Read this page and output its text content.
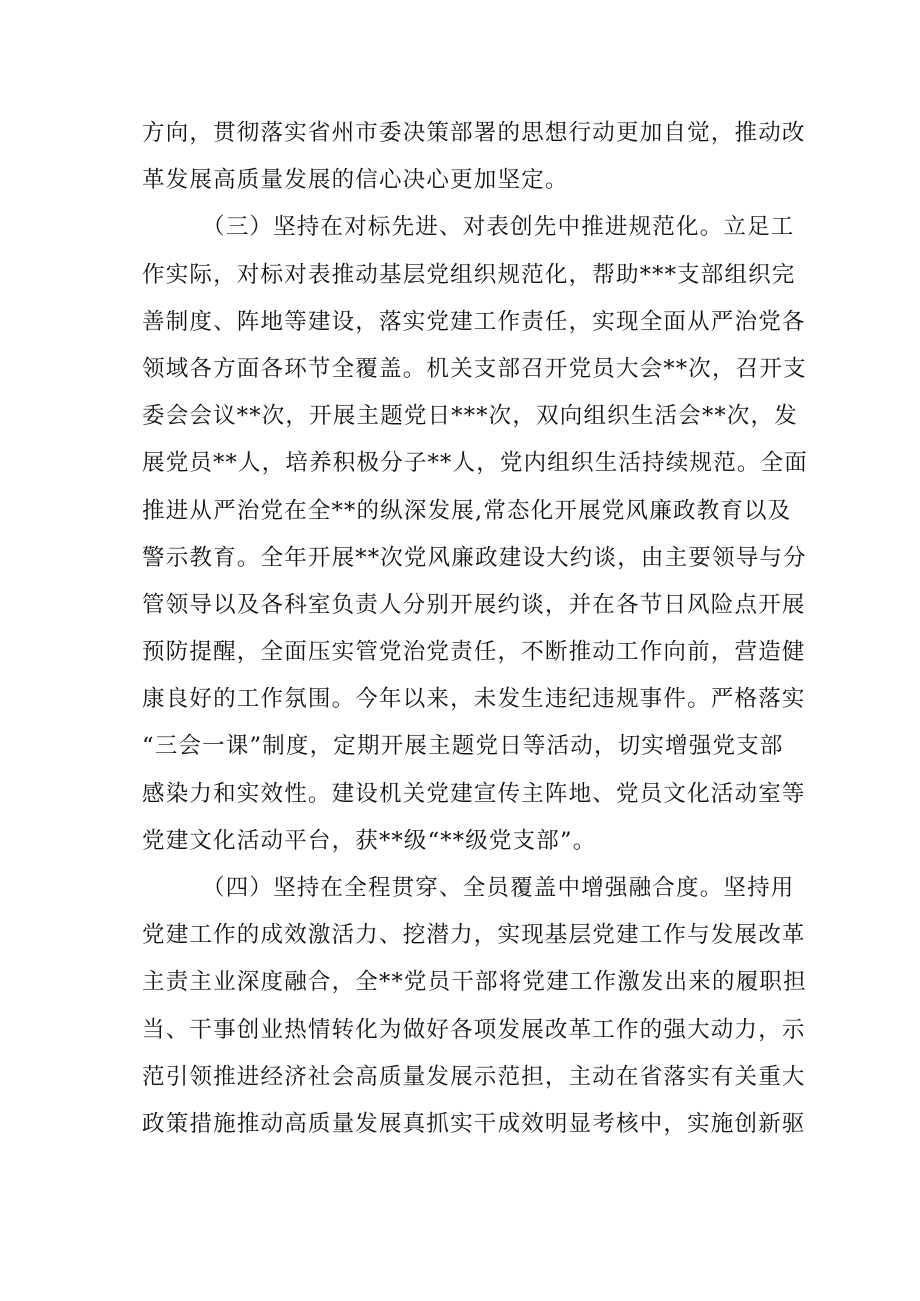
方向，贯彻落实省州市委决策部署的思想行动更加自觉，推动改
革发展高质量发展的信心决心更加坚定。
（三）坚持在对标先进、对表创先中推进规范化。立足工
作实际，对标对表推动基层党组织规范化，帮助***支部组织完
善制度、阵地等建设，落实党建工作责任，实现全面从严治党各
领域各方面各环节全覆盖。机关支部召开党员大会**次，召开支
委会会议**次，开展主题党日***次，双向组织生活会**次，发
展党员**人，培养积极分子**人，党内组织生活持续规范。全面
推进从严治党在全**的纵深发展,常态化开展党风廉政教育以及
警示教育。全年开展**次党风廉政建设大约谈，由主要领导与分
管领导以及各科室负责人分别开展约谈，并在各节日风险点开展
预防提醒，全面压实管党治党责任，不断推动工作向前，营造健
康良好的工作氛围。今年以来，未发生违纪违规事件。严格落实
“三会一课”制度，定期开展主题党日等活动，切实增强党支部
感染力和实效性。建设机关党建宣传主阵地、党员文化活动室等
党建文化活动平台，获**级“**级党支部”。
（四）坚持在全程贯穿、全员覆盖中增强融合度。坚持用
党建工作的成效激活力、挖潜力，实现基层党建工作与发展改革
主责主业深度融合，全**党员干部将党建工作激发出来的履职担
当、干事创业热情转化为做好各项发展改革工作的强大动力，示
范引领推进经济社会高质量发展示范担，主动在省落实有关重大
政策措施推动高质量发展真抓实干成效明显考核中，实施创新驱
